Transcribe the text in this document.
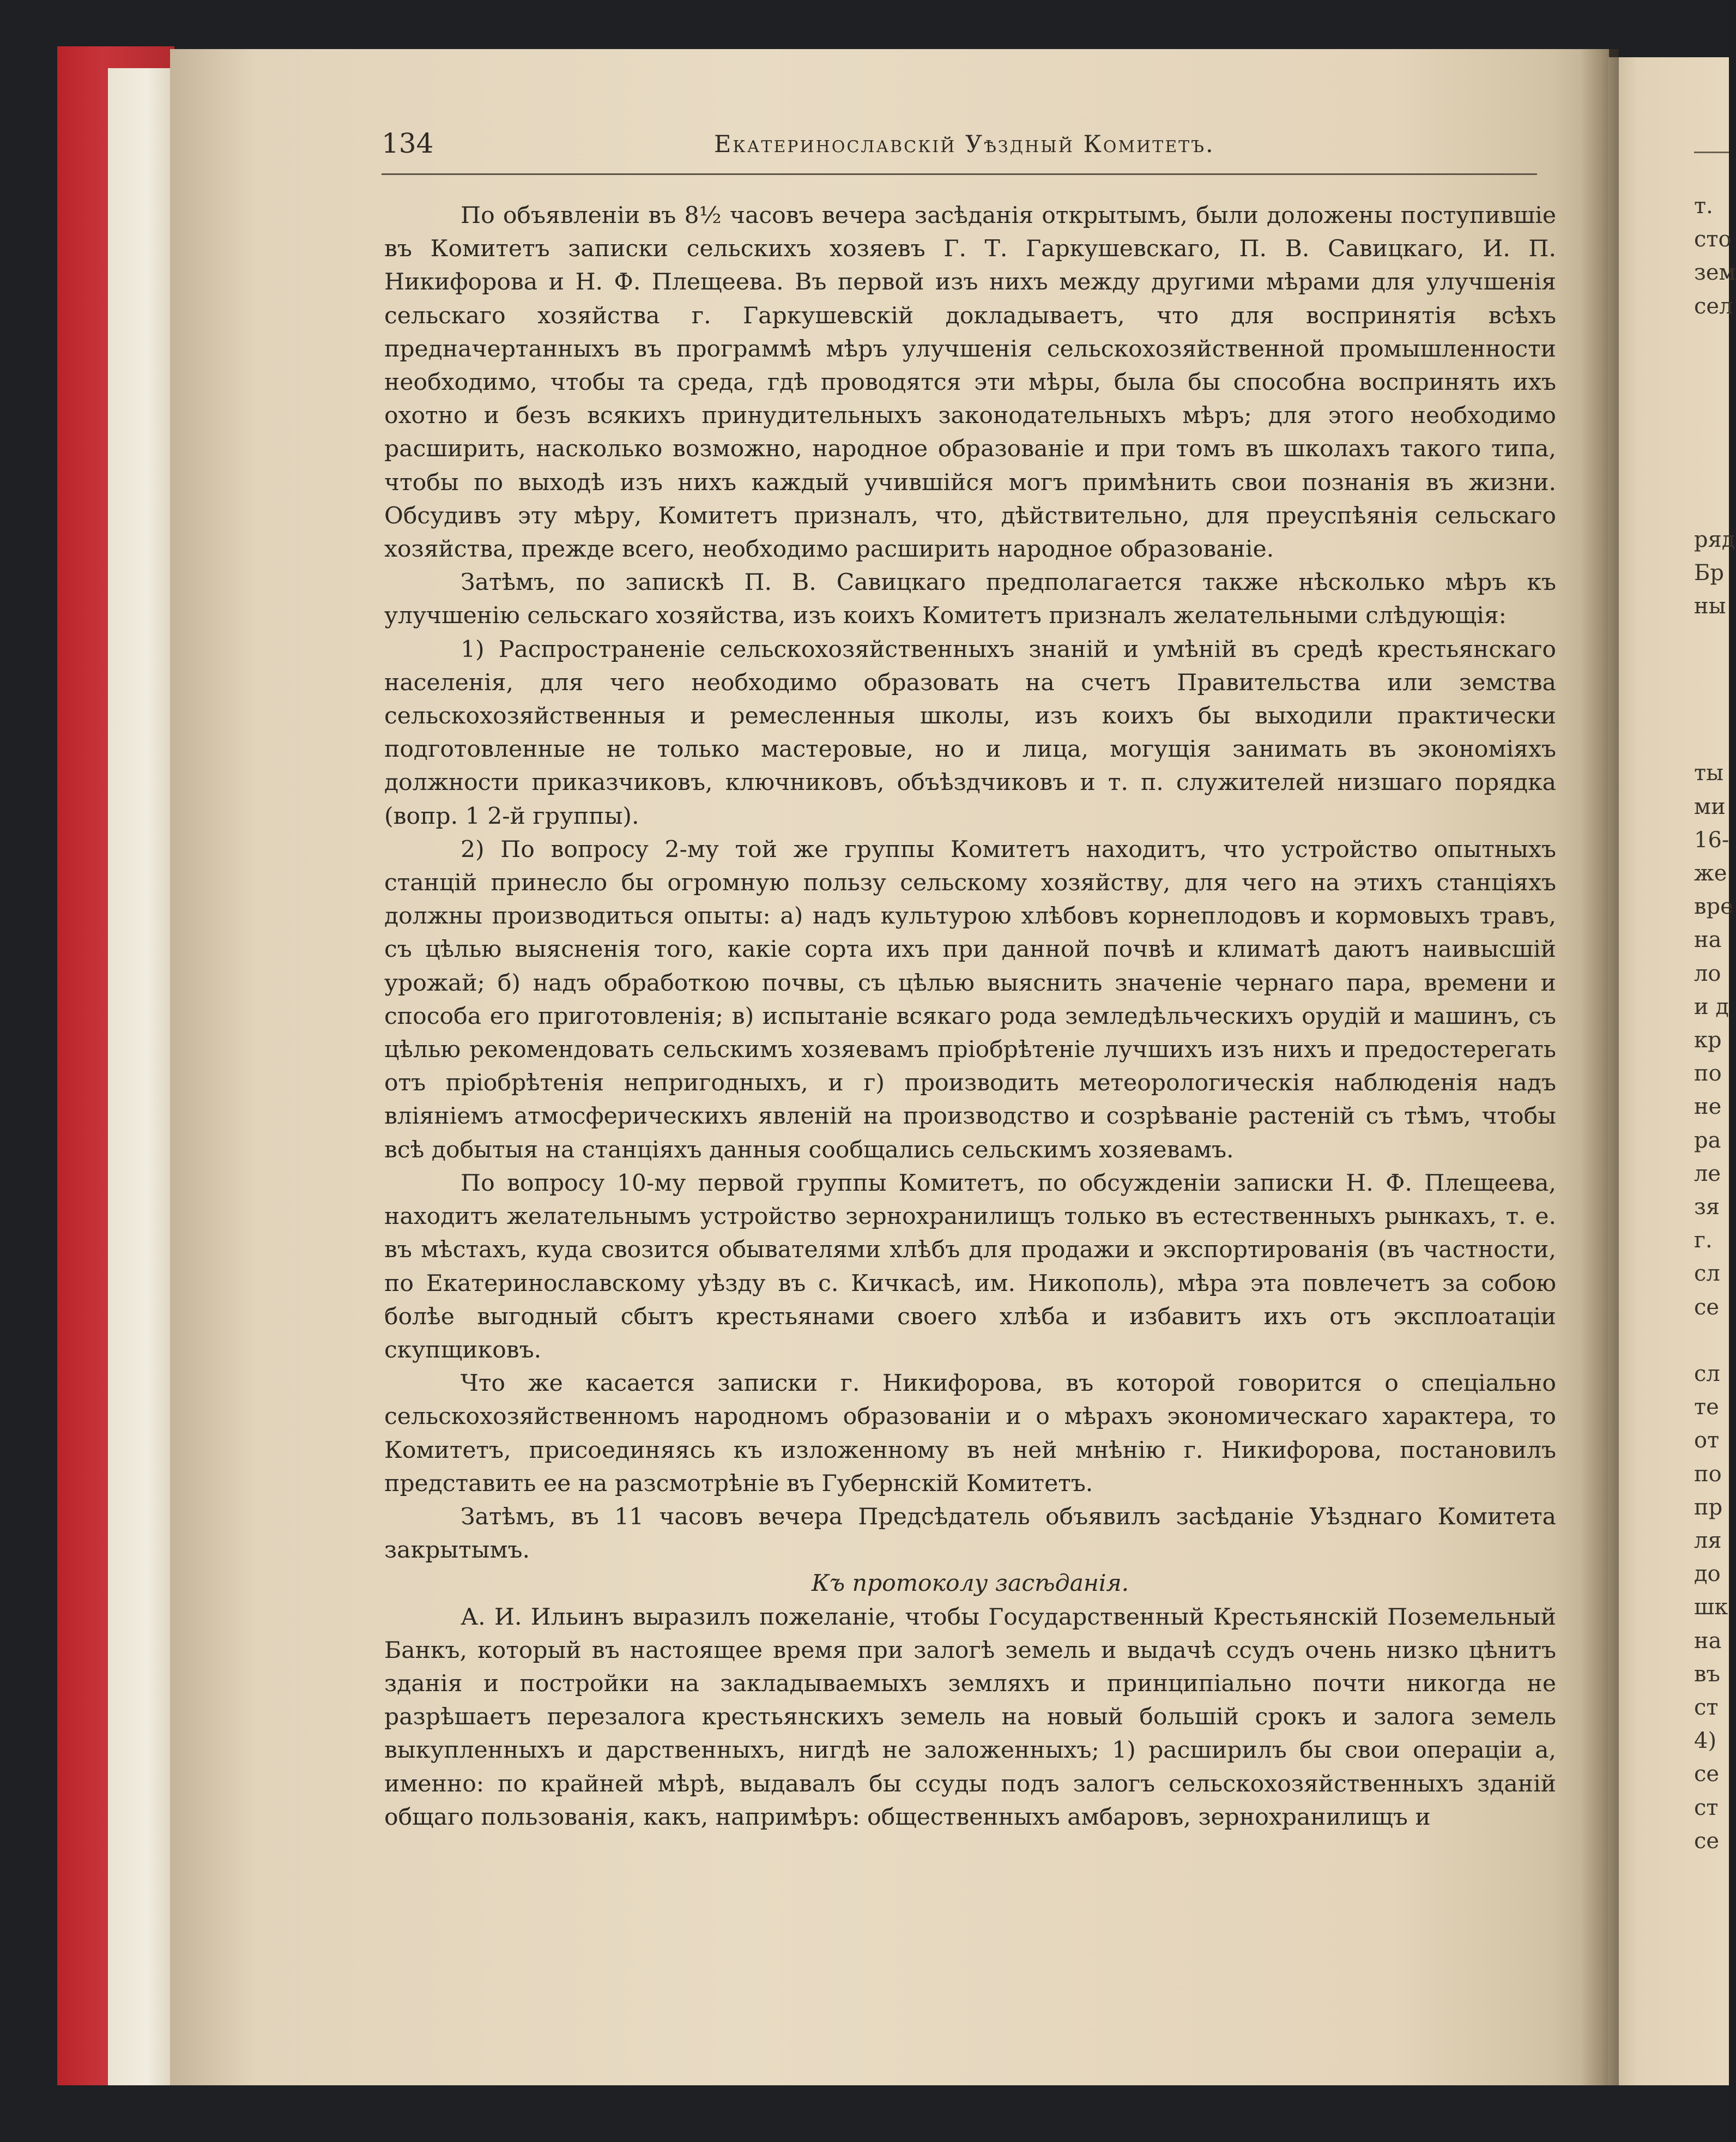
134	Екатеринославскій Уѣздный Комитетъ.

По объявленіи въ 8½ часовъ вечера засѣданія открытымъ, были доложены поступившіе въ Комитетъ записки сельскихъ хозяевъ Г. Т. Гаркушевскаго, П. В. Савицкаго, И. П. Никифорова и Н. Ф. Плещеева. Въ первой изъ нихъ между другими мѣрами для улучшенія сельскаго хозяйства г. Гаркушевскій докладываетъ, что для воспринятія всѣхъ предначертанныхъ въ программѣ мѣръ улучшенія сельскохозяйственной промышленности необходимо, чтобы та среда, гдѣ проводятся эти мѣры, была бы способна воспринять ихъ охотно и безъ всякихъ принудительныхъ законодательныхъ мѣръ; для этого необходимо расширить, насколько возможно, народное образованіе и при томъ въ школахъ такого типа, чтобы по выходѣ изъ нихъ каждый учившійся могъ примѣнить свои познанія въ жизни. Обсудивъ эту мѣру, Комитетъ призналъ, что, дѣйствительно, для преуспѣянія сельскаго хозяйства, прежде всего, необходимо расширить народное образованіе.

Затѣмъ, по запискѣ П. В. Савицкаго предполагается также нѣсколько мѣръ къ улучшенію сельскаго хозяйства, изъ коихъ Комитетъ призналъ желательными слѣдующія:

1) Распространеніе сельскохозяйственныхъ знаній и умѣній въ средѣ крестьянскаго населенія, для чего необходимо образовать на счетъ Правительства или земства сельскохозяйственныя и ремесленныя школы, изъ коихъ бы выходили практически подготовленные не только мастеровые, но и лица, могущія занимать въ экономіяхъ должности приказчиковъ, ключниковъ, объѣздчиковъ и т. п. служителей низшаго порядка (вопр. 1 2-й группы).

2) По вопросу 2-му той же группы Комитетъ находитъ, что устройство опытныхъ станцій принесло бы огромную пользу сельскому хозяйству, для чего на этихъ станціяхъ должны производиться опыты: а) надъ культурою хлѣбовъ корнеплодовъ и кормовыхъ травъ, съ цѣлью выясненія того, какіе сорта ихъ при данной почвѣ и климатѣ даютъ наивысшій урожай; б) надъ обработкою почвы, съ цѣлью выяснить значеніе чернаго пара, времени и способа его приготовленія; в) испытаніе всякаго рода земледѣльческихъ орудій и машинъ, съ цѣлью рекомендовать сельскимъ хозяевамъ пріобрѣтеніе лучшихъ изъ нихъ и предостерегать отъ пріобрѣтенія непригодныхъ, и г) производить метеорологическія наблюденія надъ вліяніемъ атмосферическихъ явленій на производство и созрѣваніе растеній съ тѣмъ, чтобы всѣ добытыя на станціяхъ данныя сообщались сельскимъ хозяевамъ.

По вопросу 10-му первой группы Комитетъ, по обсужденіи записки Н. Ф. Плещеева, находитъ желательнымъ устройство зернохранилищъ только въ естественныхъ рынкахъ, т. е. въ мѣстахъ, куда свозится обывателями хлѣбъ для продажи и экспортированія (въ частности, по Екатеринославскому уѣзду въ с. Кичкасѣ, им. Никополь), мѣра эта повлечетъ за собою болѣе выгодный сбытъ крестьянами своего хлѣба и избавитъ ихъ отъ эксплоатаціи скупщиковъ.

Что же касается записки г. Никифорова, въ которой говорится о спеціально сельскохозяйственномъ народномъ образованіи и о мѣрахъ экономическаго характера, то Комитетъ, присоединяясь къ изложенному въ ней мнѣнію г. Никифорова, постановилъ представить ее на разсмотрѣніе въ Губернскій Комитетъ.

Затѣмъ, въ 11 часовъ вечера Предсѣдатель объявилъ засѣданіе Уѣзднаго Комитета закрытымъ.

Къ протоколу засѣданія.

А. И. Ильинъ выразилъ пожеланіе, чтобы Государственный Крестьянскій Поземельный Банкъ, который въ настоящее время при залогѣ земель и выдачѣ ссудъ очень низко цѣнитъ зданія и постройки на закладываемыхъ земляхъ и принципіально почти никогда не разрѣшаетъ перезалога крестьянскихъ земель на новый большій срокъ и залога земель выкупленныхъ и дарственныхъ, нигдѣ не заложенныхъ; 1) расширилъ бы свои операціи а, именно: по крайней мѣрѣ, выдавалъ бы ссуды подъ залогъ сельскохозяйственныхъ зданій общаго пользованія, какъ, напримѣръ: общественныхъ амбаровъ, зернохранилищъ и

т.
сто
зем
сел
ряд
Бр
ны
ты
ми
16-
же
вре
на
ло
и д
кр
по
не
ра
ле
зя
г.
сл
се
сл
те
от
по
пр
ля
до
шк
на
въ
ст
4)
се
ст
се
